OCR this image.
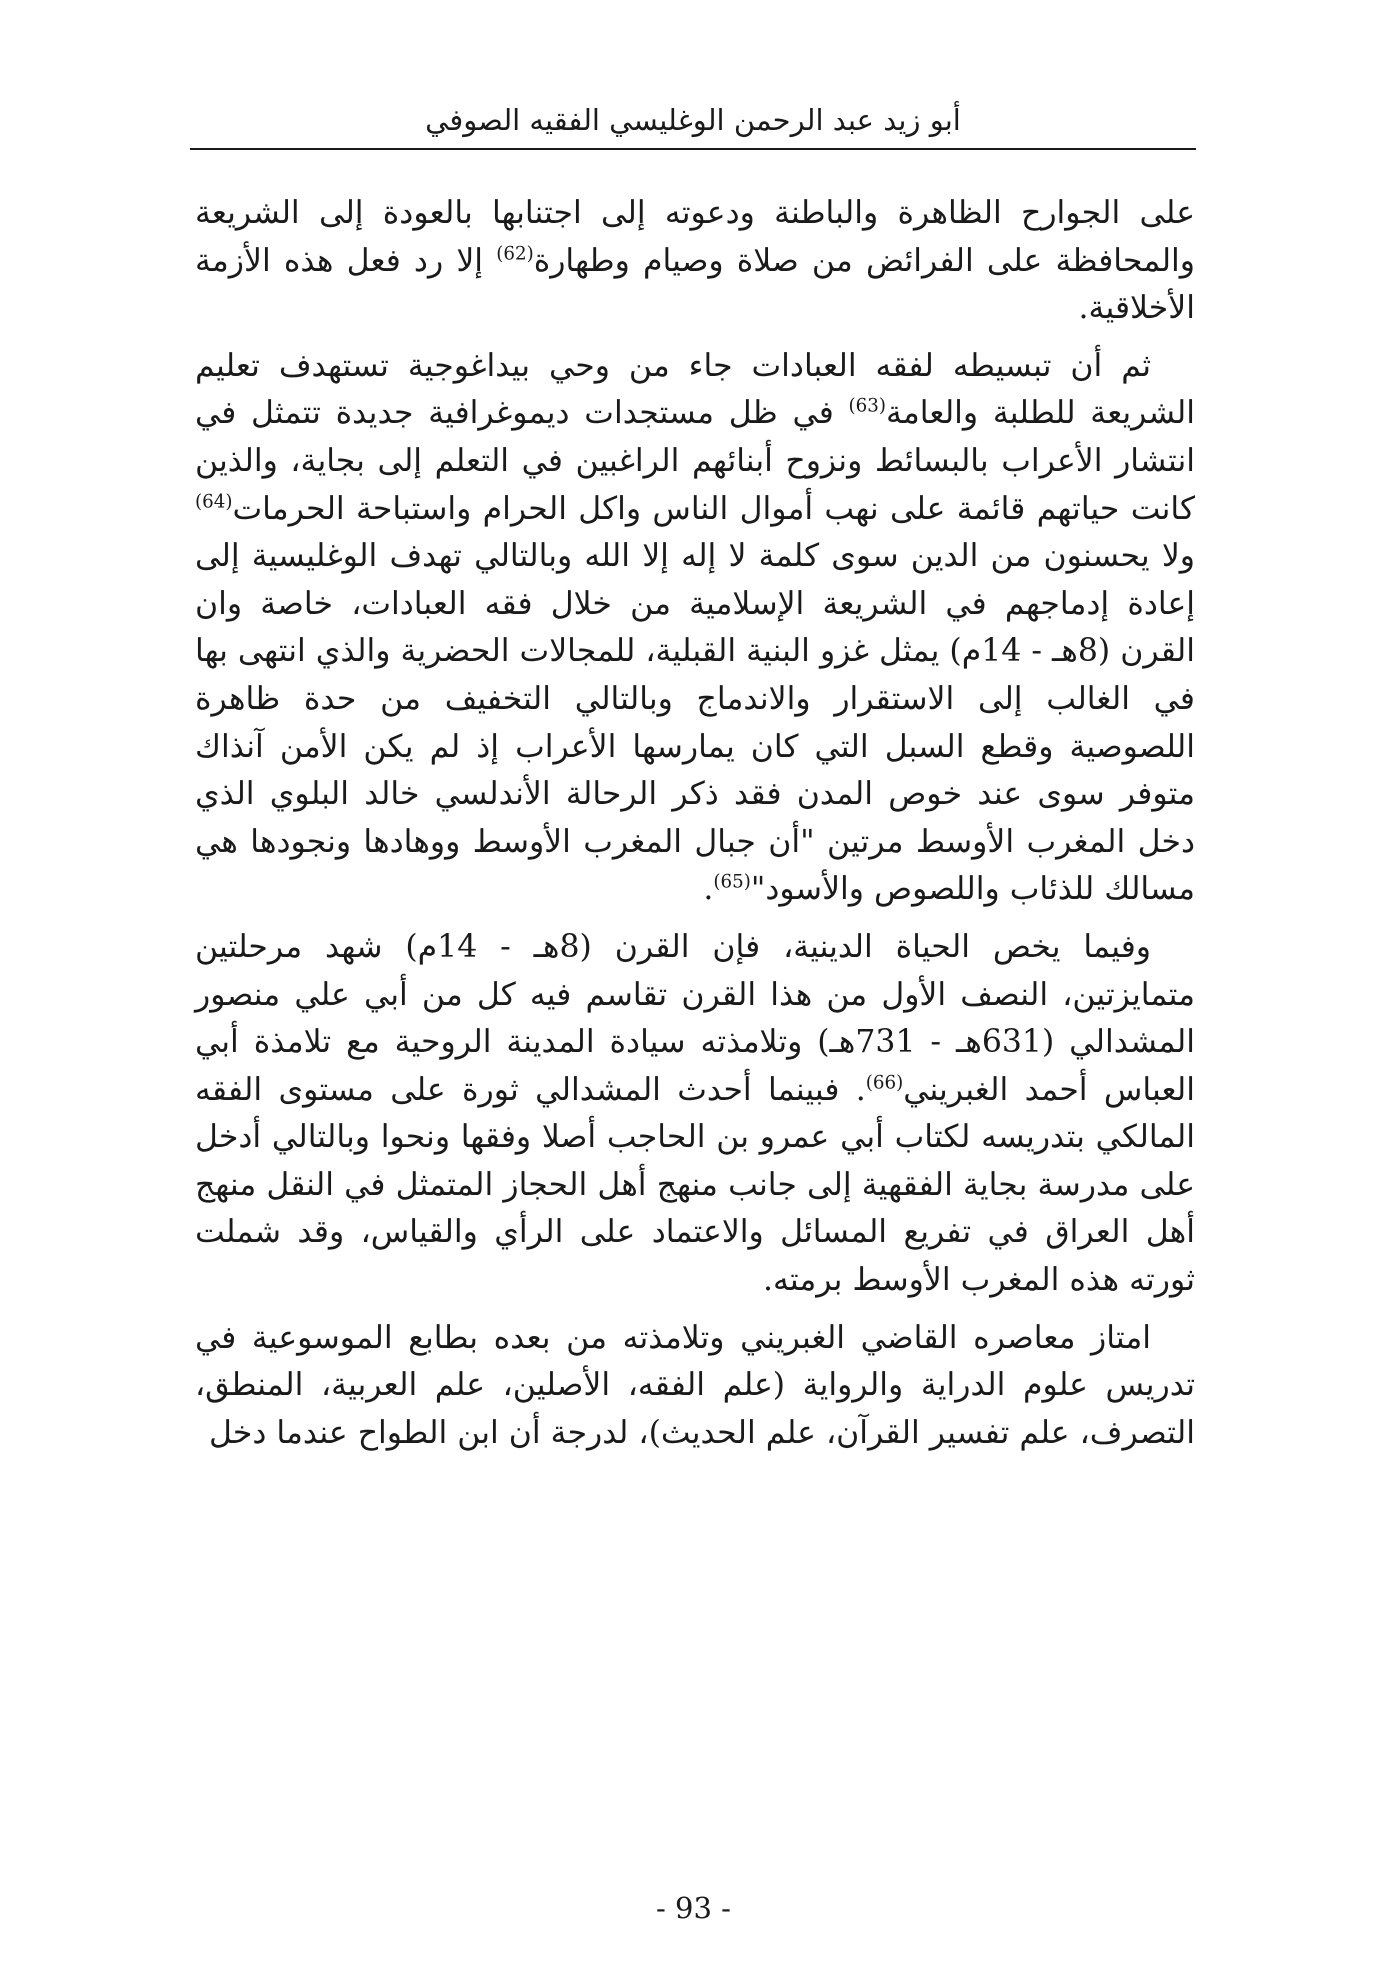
أبو زيد عبد الرحمن الوغليسي الفقيه الصوفي

على الجوارح الظاهرة والباطنة ودعوته إلى اجتنابها بالعودة إلى الشريعة والمحافظة على الفرائض من صلاة وصيام وطهارة$^{(62)}$ إلا رد فعل هذه الأزمة الأخلاقية.

ثم أن تبسيطه لفقه العبادات جاء من وحي بيداغوجية تستهدف تعليم الشريعة للطلبة والعامة$^{(63)}$ في ظل مستجدات ديموغرافية جديدة تتمثل في انتشار الأعراب بالبسائط ونزوح أبنائهم الراغبين في التعلم إلى بجاية، والذين كانت حياتهم قائمة على نهب أموال الناس واكل الحرام واستباحة الحرمات$^{(64)}$ ولا يحسنون من الدين سوى كلمة لا إله إلا الله وبالتالي تهدف الوغليسية إلى إعادة إدماجهم في الشريعة الإسلامية من خلال فقه العبادات، خاصة وان القرن (8هـ - 14م) يمثل غزو البنية القبلية، للمجالات الحضرية والذي انتهى بها في الغالب إلى الاستقرار والاندماج وبالتالي التخفيف من حدة ظاهرة اللصوصية وقطع السبل التي كان يمارسها الأعراب إذ لم يكن الأمن آنذاك متوفر سوى عند خوص المدن فقد ذكر الرحالة الأندلسي خالد البلوي الذي دخل المغرب الأوسط مرتين "أن جبال المغرب الأوسط ووهادها ونجودها هي مسالك للذئاب واللصوص والأسود"$^{(65)}$.

وفيما يخص الحياة الدينية، فإن القرن (8هـ - 14م) شهد مرحلتين متمايزتين، النصف الأول من هذا القرن تقاسم فيه كل من أبي علي منصور المشدالي (631هـ - 731هـ) وتلامذته سيادة المدينة الروحية مع تلامذة أبي العباس أحمد الغبريني$^{(66)}$. فبينما أحدث المشدالي ثورة على مستوى الفقه المالكي بتدريسه لكتاب أبي عمرو بن الحاجب أصلا وفقها ونحوا وبالتالي أدخل على مدرسة بجاية الفقهية إلى جانب منهج أهل الحجاز المتمثل في النقل منهج أهل العراق في تفريع المسائل والاعتماد على الرأي والقياس، وقد شملت ثورته هذه المغرب الأوسط برمته.

امتاز معاصره القاضي الغبريني وتلامذته من بعده بطابع الموسوعية في تدريس علوم الدراية والرواية (علم الفقه، الأصلين، علم العربية، المنطق، التصرف، علم تفسير القرآن، علم الحديث)، لدرجة أن ابن الطواح عندما دخل

- 93 -
